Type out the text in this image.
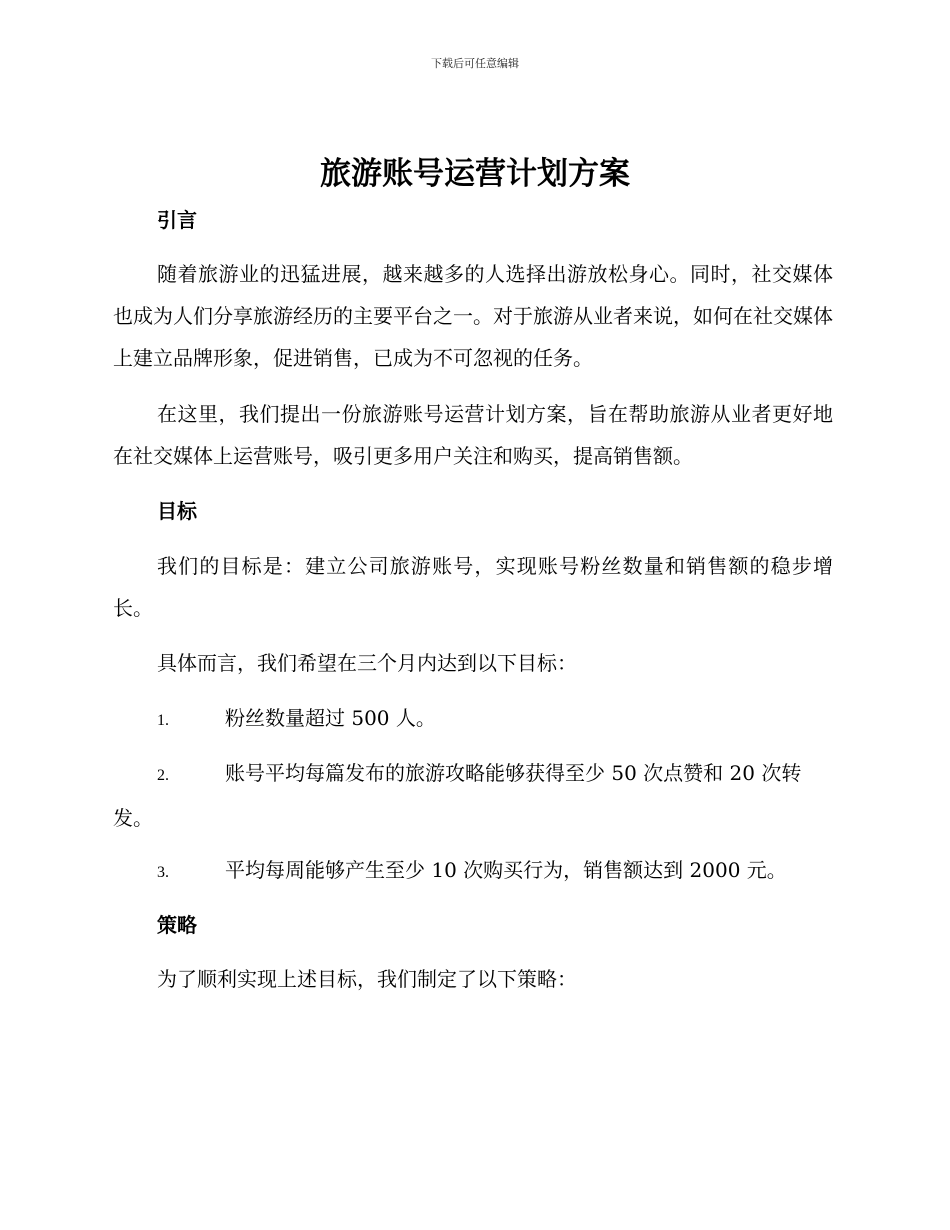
下载后可任意编辑
旅游账号运营计划方案
引言
随着旅游业的迅猛进展，越来越多的人选择出游放松身心。同时，社交媒体也成为人们分享旅游经历的主要平台之一。对于旅游从业者来说，如何在社交媒体上建立品牌形象，促进销售，已成为不可忽视的任务。
在这里，我们提出一份旅游账号运营计划方案，旨在帮助旅游从业者更好地在社交媒体上运营账号，吸引更多用户关注和购买，提高销售额。
目标
我们的目标是：建立公司旅游账号，实现账号粉丝数量和销售额的稳步增长。
具体而言，我们希望在三个月内达到以下目标：
1.	粉丝数量超过 500 人。
2.	账号平均每篇发布的旅游攻略能够获得至少 50 次点赞和 20 次转发。
3.	平均每周能够产生至少 10 次购买行为，销售额达到 2000 元。
策略
为了顺利实现上述目标，我们制定了以下策略：
